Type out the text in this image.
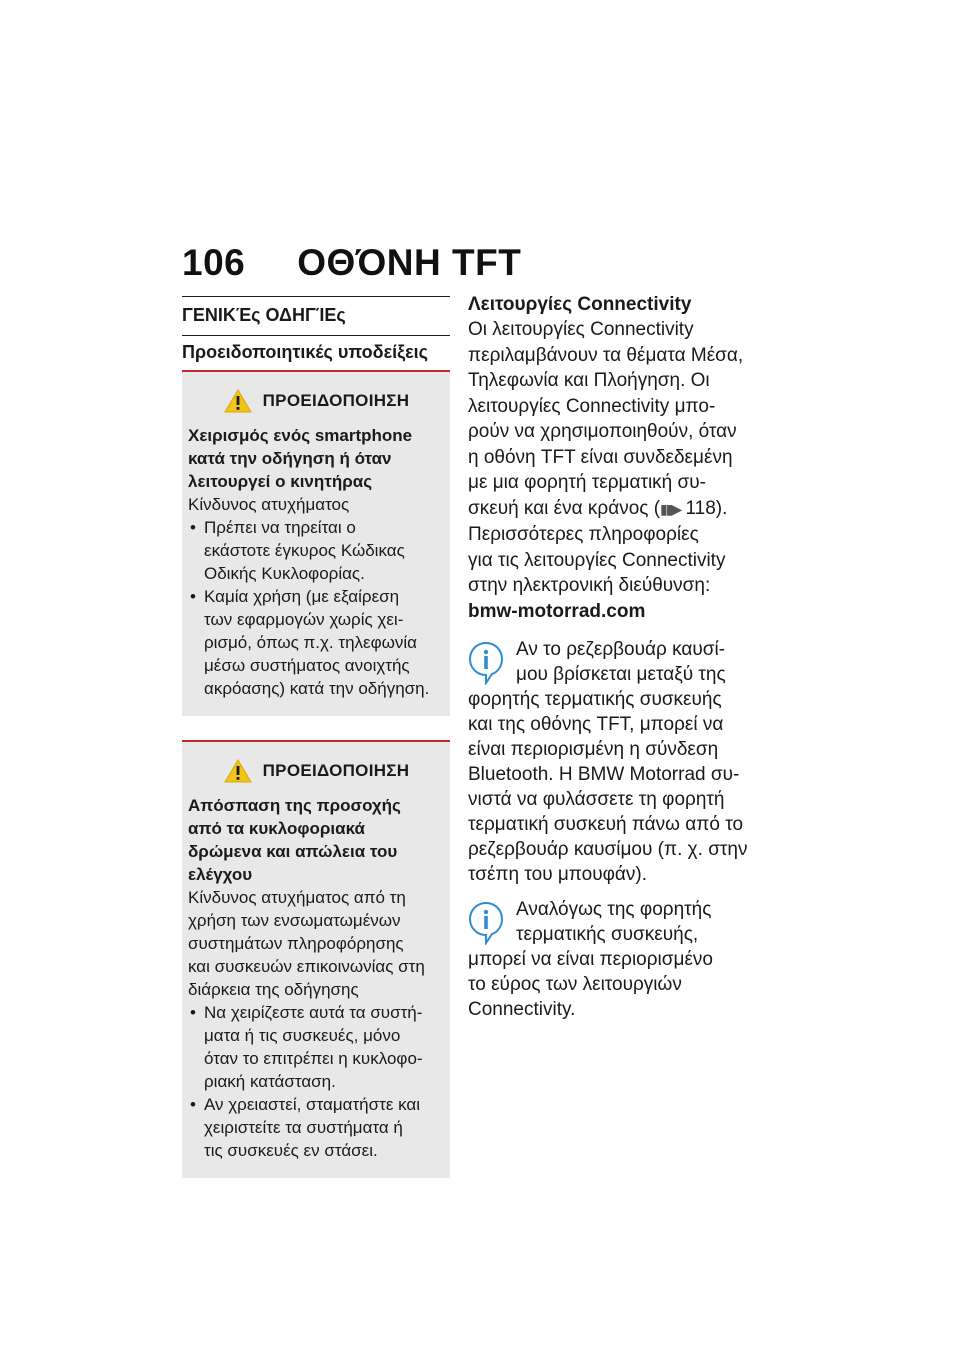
106 ΟΘΌΝΗ TFT
ΓΕΝΙΚΈς ΟΔΗΓΊΕς
Προειδοποιητικές υποδείξεις
ΠΡΟΕΙΔΟΠΟΙΗΣΗ

Χειρισμός ενός smartphone

κατά την οδήγηση ή όταν

λειτουργεί ο κινητήρας

Κίνδυνος ατυχήματος

• Πρέπει να τηρείται ο
εκάστοτε έγκυρος Κώδικας
Οδικής Κυκλοφορίας.
• Καμία χρήση (με εξαίρεση
των εφαρμογών χωρίς χει-
ρισμό, όπως π.χ. τηλεφωνία
μέσω συστήματος ανοιχτής
ακρόασης) κατά την οδήγηση.
ΠΡΟΕΙΔΟΠΟΙΗΣΗ

Απόσπαση της προσοχής

από τα κυκλοφοριακά

δρώμενα και απώλεια του

ελέγχου

Κίνδυνος ατυχήματος από τη

χρήση των ενσωματωμένων

συστημάτων πληροφόρησης

και συσκευών επικοινωνίας στη

διάρκεια της οδήγησης

• Να χειρίζεστε αυτά τα συστή-
ματα ή τις συσκευές, μόνο
όταν το επιτρέπει η κυκλοφο-
ριακή κατάσταση.
• Αν χρειαστεί, σταματήστε και
χειριστείτε τα συστήματα ή
τις συσκευές εν στάσει.

Λειτουργίες Connectivity

Οι λειτουργίες Connectivity

περιλαμβάνουν τα θέματα Μέσα,

Τηλεφωνία και Πλοήγηση. Οι

λειτουργίες Connectivity μπο-

ρούν να χρησιμοποιηθούν, όταν

η οθόνη TFT είναι συνδεδεμένη

με μια φορητή τερματική συ-

σκευή και ένα κράνος (▮▮▶ 118).

Περισσότερες πληροφορίες

για τις λειτουργίες Connectivity

στην ηλεκτρονική διεύθυνση:

bmw-motorrad.com

Αν το ρεζερβουάρ καυσί-

μου βρίσκεται μεταξύ της

φορητής τερματικής συσκευής

και της οθόνης TFT, μπορεί να

είναι περιορισμένη η σύνδεση

Bluetooth. Η BMW Motorrad συ-

νιστά να φυλάσσετε τη φορητή

τερματική συσκευή πάνω από το

ρεζερβουάρ καυσίμου (π. χ. στην

τσέπη του μπουφάν).

Αναλόγως της φορητής

τερματικής συσκευής,

μπορεί να είναι περιορισμένο

το εύρος των λειτουργιών

Connectivity.
